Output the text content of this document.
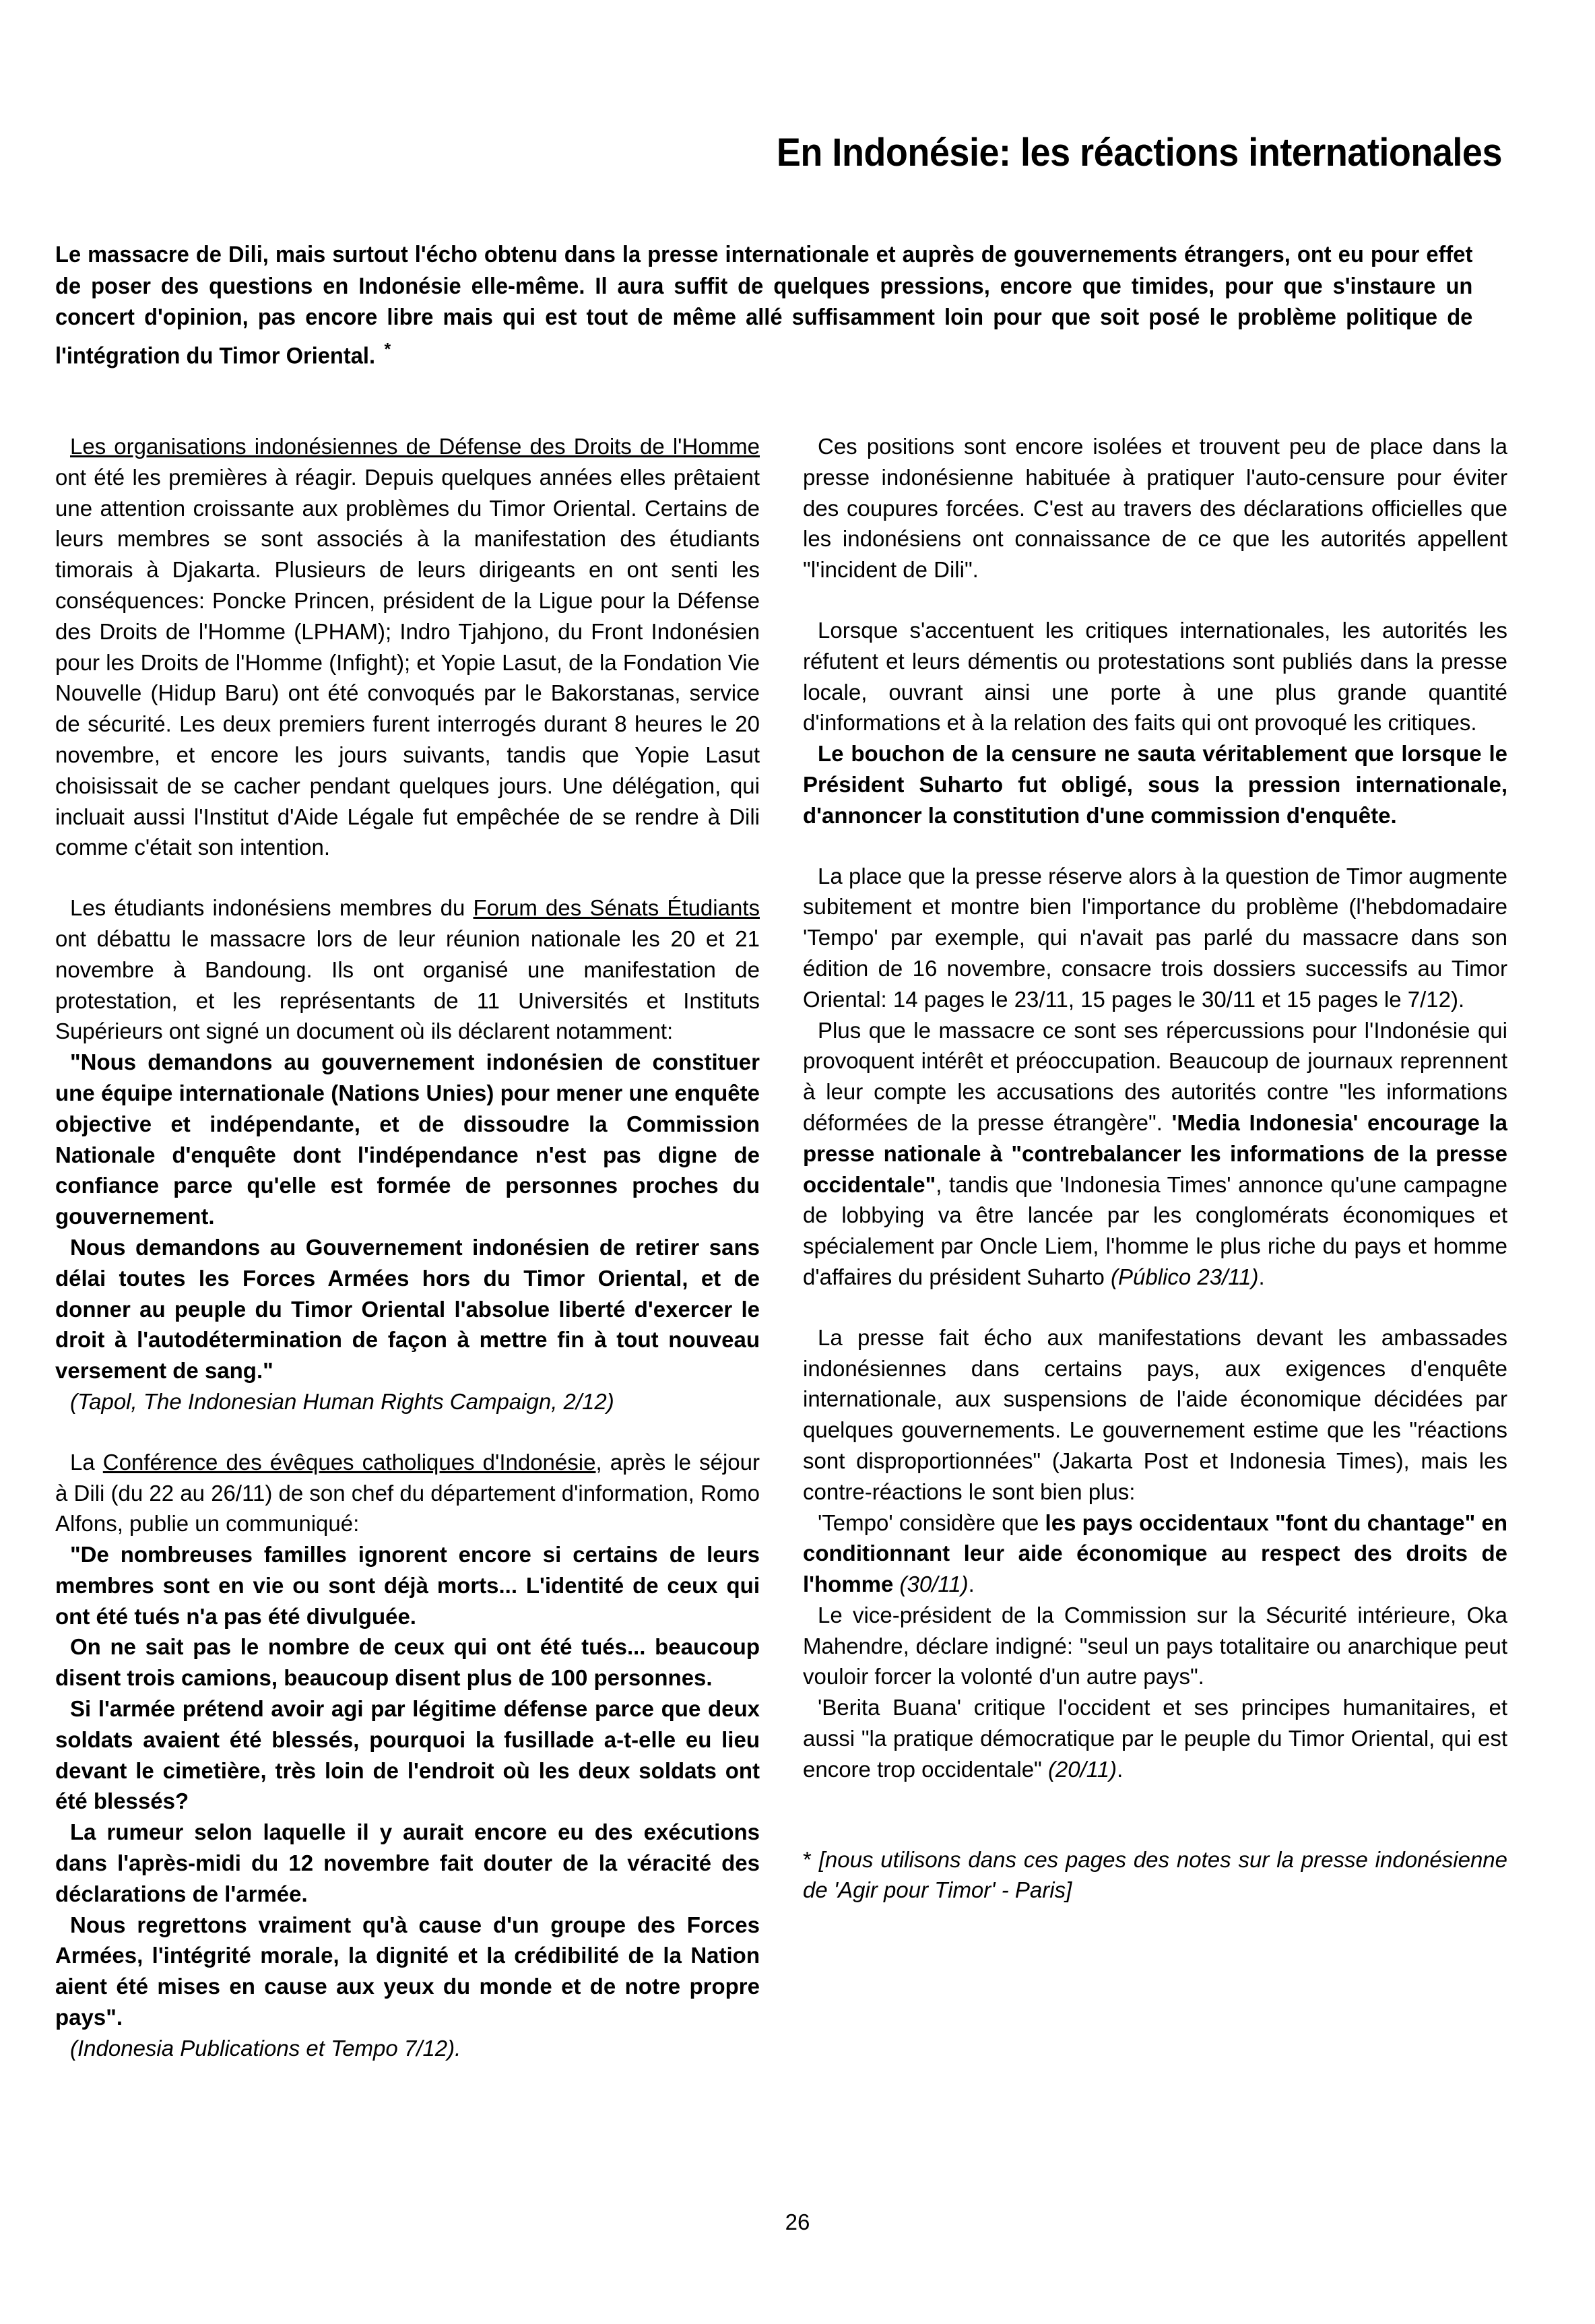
En Indonésie: les réactions internationales
Le massacre de Dili, mais surtout l'écho obtenu dans la presse internationale et auprès de gouvernements étrangers, ont eu pour effet de poser des questions en Indonésie elle-même. Il aura suffit de quelques pressions, encore que timides, pour que s'instaure un concert d'opinion, pas encore libre mais qui est tout de même allé suffisamment loin pour que soit posé le problème politique de l'intégration du Timor Oriental. *

Les organisations indonésiennes de Défense des Droits de l'Homme ont été les premières à réagir. Depuis quelques années elles prêtaient une attention croissante aux problèmes du Timor Oriental. Certains de leurs membres se sont associés à la manifestation des étudiants timorais à Djakarta. Plusieurs de leurs dirigeants en ont senti les conséquences: Poncke Princen, président de la Ligue pour la Défense des Droits de l'Homme (LPHAM); Indro Tjahjono, du Front Indonésien pour les Droits de l'Homme (Infight); et Yopie Lasut, de la Fondation Vie Nouvelle (Hidup Baru) ont été convoqués par le Bakorstanas, service de sécurité. Les deux premiers furent interrogés durant 8 heures le 20 novembre, et encore les jours suivants, tandis que Yopie Lasut choisissait de se cacher pendant quelques jours. Une délégation, qui incluait aussi l'Institut d'Aide Légale fut empêchée de se rendre à Dili comme c'était son intention.

Les étudiants indonésiens membres du Forum des Sénats Étudiants ont débattu le massacre lors de leur réunion nationale les 20 et 21 novembre à Bandoung. Ils ont organisé une manifestation de protestation, et les représentants de 11 Universités et Instituts Supérieurs ont signé un document où ils déclarent notamment:

"Nous demandons au gouvernement indonésien de constituer une équipe internationale (Nations Unies) pour mener une enquête objective et indépendante, et de dissoudre la Commission Nationale d'enquête dont l'indépendance n'est pas digne de confiance parce qu'elle est formée de personnes proches du gouvernement.

Nous demandons au Gouvernement indonésien de retirer sans délai toutes les Forces Armées hors du Timor Oriental, et de donner au peuple du Timor Oriental l'absolue liberté d'exercer le droit à l'autodétermination de façon à mettre fin à tout nouveau versement de sang."

(Tapol, The Indonesian Human Rights Campaign, 2/12)

La Conférence des évêques catholiques d'Indonésie, après le séjour à Dili (du 22 au 26/11) de son chef du département d'information, Romo Alfons, publie un communiqué:

"De nombreuses familles ignorent encore si certains de leurs membres sont en vie ou sont déjà morts... L'identité de ceux qui ont été tués n'a pas été divulguée.

On ne sait pas le nombre de ceux qui ont été tués... beaucoup disent trois camions, beaucoup disent plus de 100 personnes.

Si l'armée prétend avoir agi par légitime défense parce que deux soldats avaient été blessés, pourquoi la fusillade a-t-elle eu lieu devant le cimetière, très loin de l'endroit où les deux soldats ont été blessés?

La rumeur selon laquelle il y aurait encore eu des exécutions dans l'après-midi du 12 novembre fait douter de la véracité des déclarations de l'armée.

Nous regrettons vraiment qu'à cause d'un groupe des Forces Armées, l'intégrité morale, la dignité et la crédibilité de la Nation aient été mises en cause aux yeux du monde et de notre propre pays".

(Indonesia Publications et Tempo 7/12).

Ces positions sont encore isolées et trouvent peu de place dans la presse indonésienne habituée à pratiquer l'auto-censure pour éviter des coupures forcées. C'est au travers des déclarations officielles que les indonésiens ont connaissance de ce que les autorités appellent "l'incident de Dili".

Lorsque s'accentuent les critiques internationales, les autorités les réfutent et leurs démentis ou protestations sont publiés dans la presse locale, ouvrant ainsi une porte à une plus grande quantité d'informations et à la relation des faits qui ont provoqué les critiques.

Le bouchon de la censure ne sauta véritablement que lorsque le Président Suharto fut obligé, sous la pression internationale, d'annoncer la constitution d'une commission d'enquête.

La place que la presse réserve alors à la question de Timor augmente subitement et montre bien l'importance du problème (l'hebdomadaire 'Tempo' par exemple, qui n'avait pas parlé du massacre dans son édition de 16 novembre, consacre trois dossiers successifs au Timor Oriental: 14 pages le 23/11, 15 pages le 30/11 et 15 pages le 7/12).

Plus que le massacre ce sont ses répercussions pour l'Indonésie qui provoquent intérêt et préoccupation. Beaucoup de journaux reprennent à leur compte les accusations des autorités contre "les informations déformées de la presse étrangère". 'Media Indonesia' encourage la presse nationale à "contrebalancer les informations de la presse occidentale", tandis que 'Indonesia Times' annonce qu'une campagne de lobbying va être lancée par les conglomérats économiques et spécialement par Oncle Liem, l'homme le plus riche du pays et homme d'affaires du président Suharto (Público 23/11).

La presse fait écho aux manifestations devant les ambassades indonésiennes dans certains pays, aux exigences d'enquête internationale, aux suspensions de l'aide économique décidées par quelques gouvernements. Le gouvernement estime que les "réactions sont disproportionnées" (Jakarta Post et Indonesia Times), mais les contre-réactions le sont bien plus:

'Tempo' considère que les pays occidentaux "font du chantage" en conditionnant leur aide économique au respect des droits de l'homme (30/11).

Le vice-président de la Commission sur la Sécurité intérieure, Oka Mahendre, déclare indigné: "seul un pays totalitaire ou anarchique peut vouloir forcer la volonté d'un autre pays".

'Berita Buana' critique l'occident et ses principes humanitaires, et aussi "la pratique démocratique par le peuple du Timor Oriental, qui est encore trop occidentale" (20/11).

* [nous utilisons dans ces pages des notes sur la presse indonésienne de 'Agir pour Timor' - Paris]

26
